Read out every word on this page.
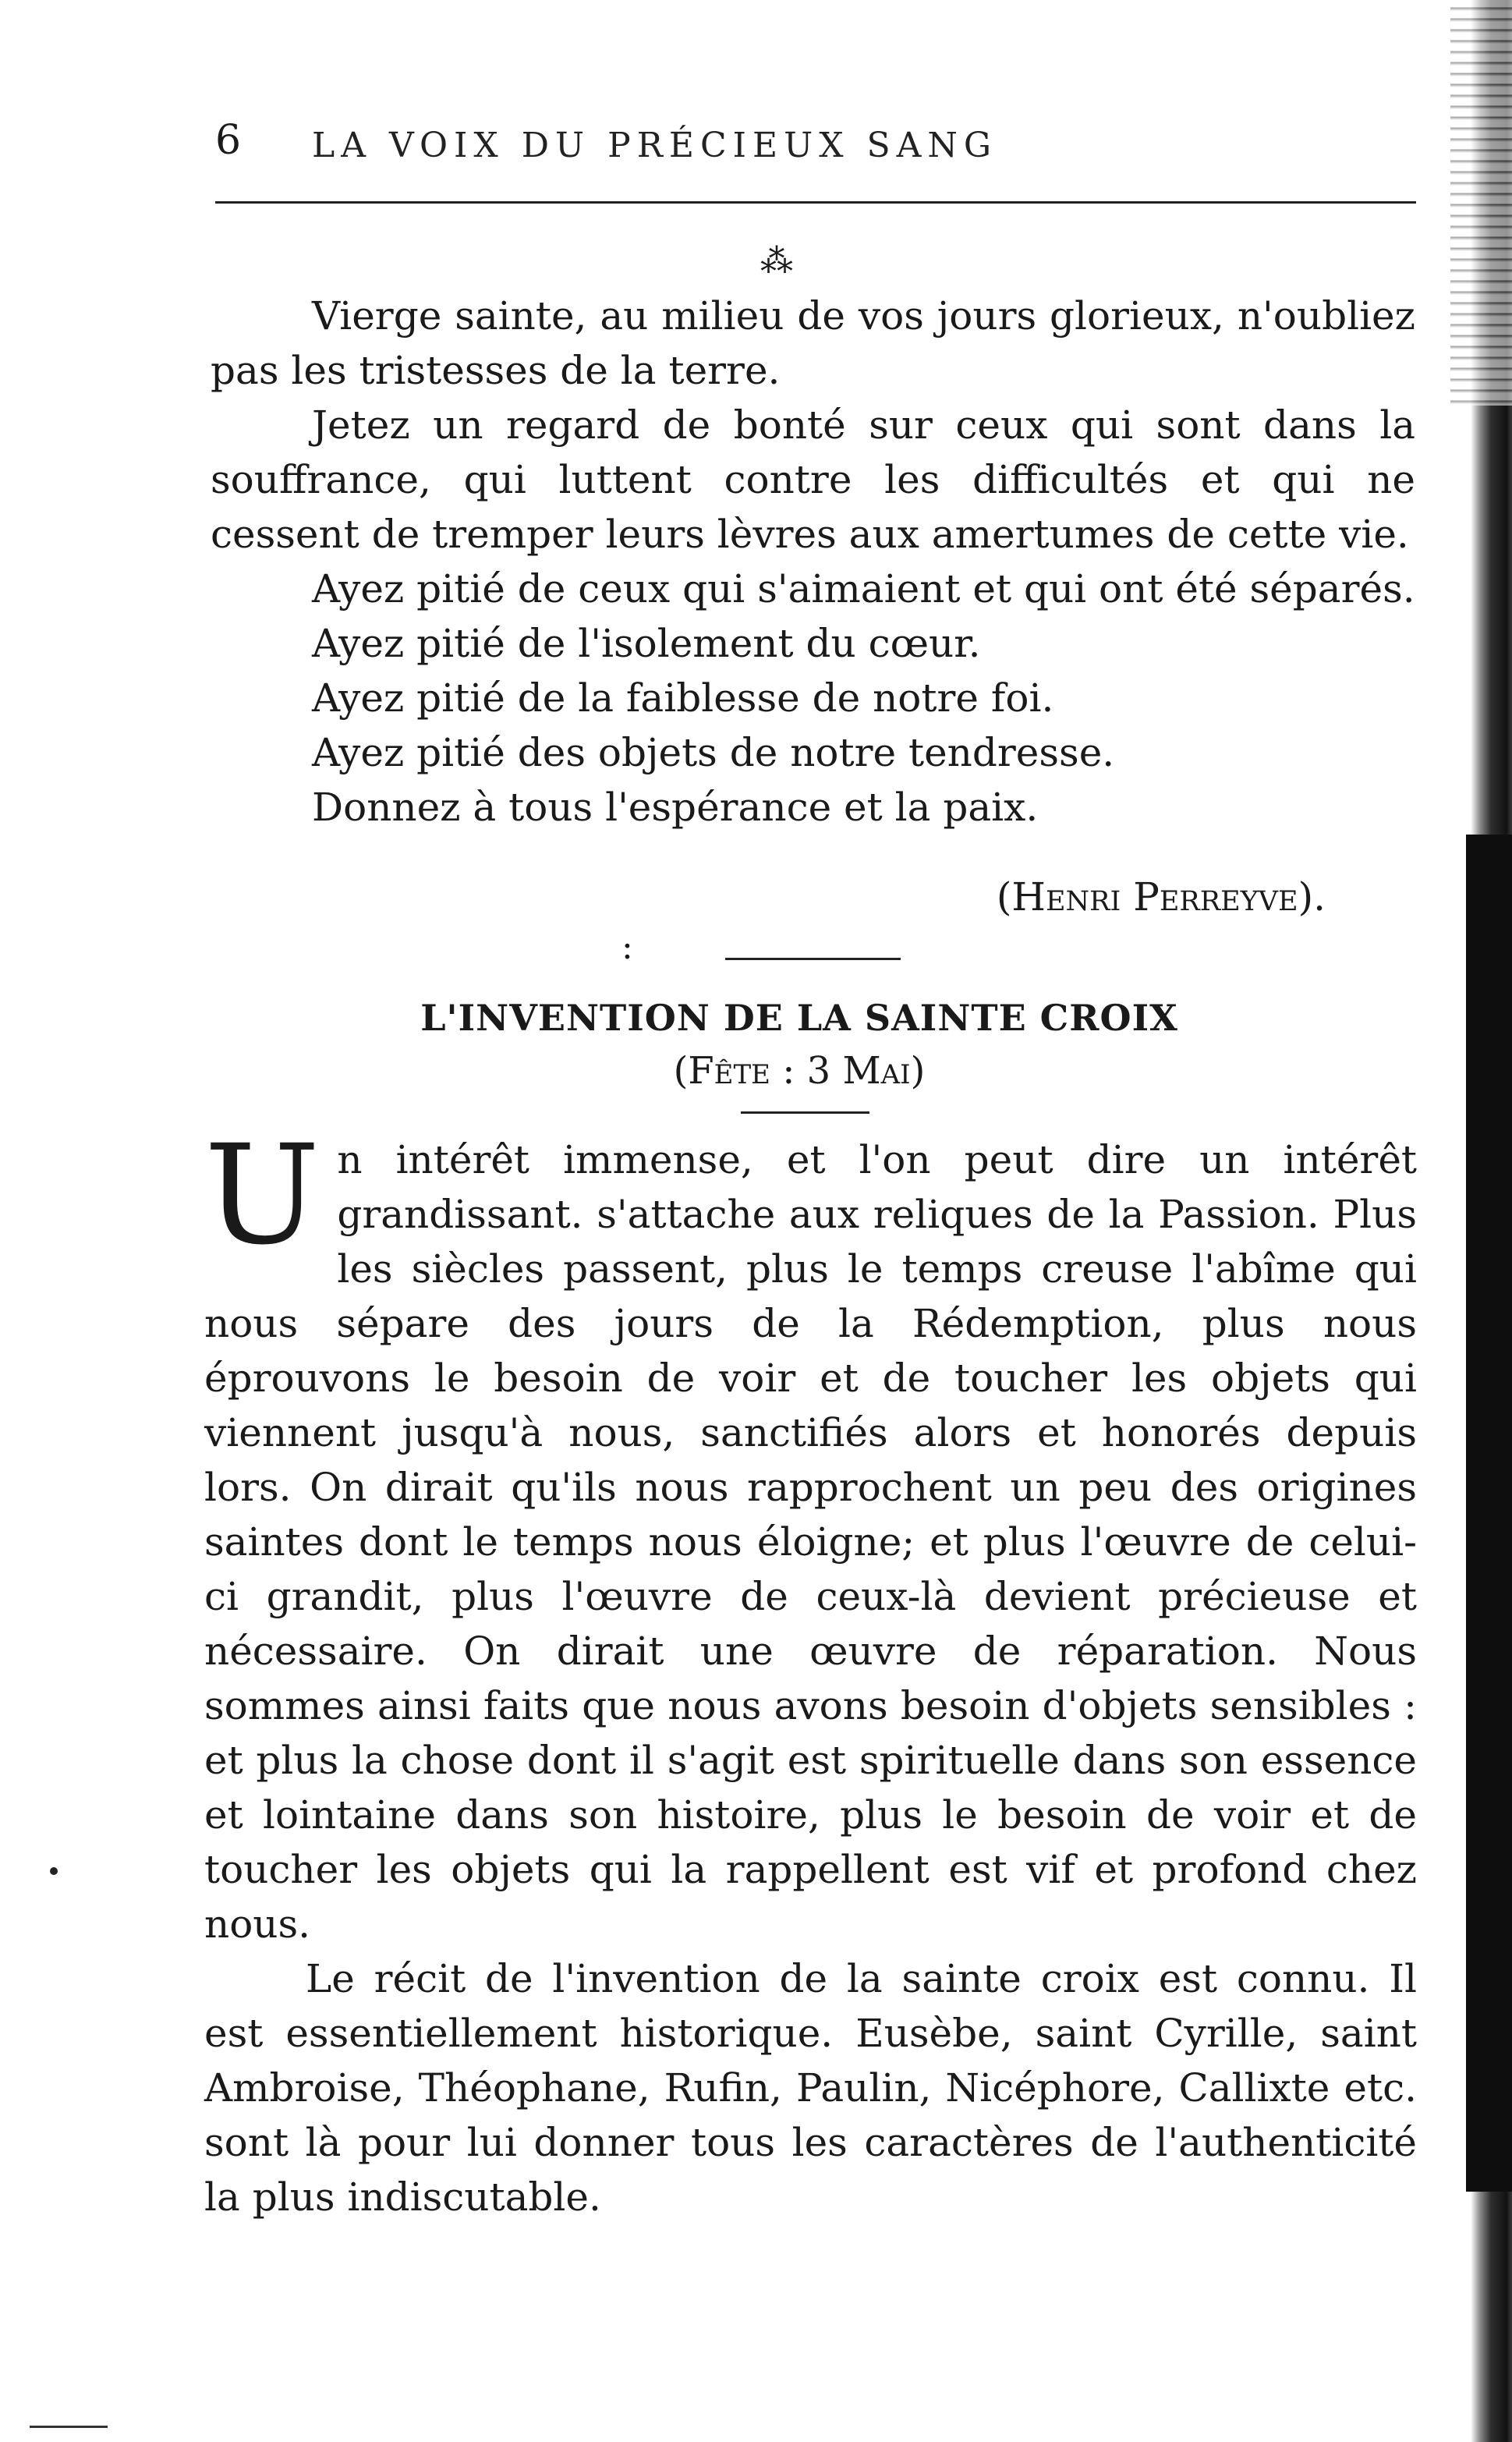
6 LA VOIX DU PRÉCIEUX SANG
⁂

Vierge sainte, au milieu de vos jours glorieux, n'oubliez pas les tristesses de la terre.

Jetez un regard de bonté sur ceux qui sont dans la souffrance, qui luttent contre les difficultés et qui ne cessent de tremper leurs lèvres aux amertumes de cette vie.

Ayez pitié de ceux qui s'aimaient et qui ont été séparés.

Ayez pitié de l'isolement du cœur.

Ayez pitié de la faiblesse de notre foi.

Ayez pitié des objets de notre tendresse.

Donnez à tous l'espérance et la paix.

(Henri Perreyve).
:
L'INVENTION DE LA SAINTE CROIX
(Fête : 3 Mai)

Un intérêt immense, et l'on peut dire un intérêt grandissant. s'attache aux reliques de la Passion. Plus les siècles passent, plus le temps creuse l'abîme qui nous sépare des jours de la Rédemption, plus nous éprouvons le besoin de voir et de toucher les objets qui viennent jusqu'à nous, sanctifiés alors et honorés depuis lors. On dirait qu'ils nous rapprochent un peu des origines saintes dont le temps nous éloigne; et plus l'œuvre de celui-ci grandit, plus l'œuvre de ceux-là devient précieuse et nécessaire. On dirait une œuvre de réparation. Nous sommes ainsi faits que nous avons besoin d'objets sensibles : et plus la chose dont il s'agit est spirituelle dans son essence et lointaine dans son histoire, plus le besoin de voir et de toucher les objets qui la rappellent est vif et profond chez nous.

Le récit de l'invention de la sainte croix est connu. Il est essentiellement historique. Eusèbe, saint Cyrille, saint Ambroise, Théophane, Rufin, Paulin, Nicéphore, Callixte etc. sont là pour lui donner tous les caractères de l'authenticité la plus indiscutable.
